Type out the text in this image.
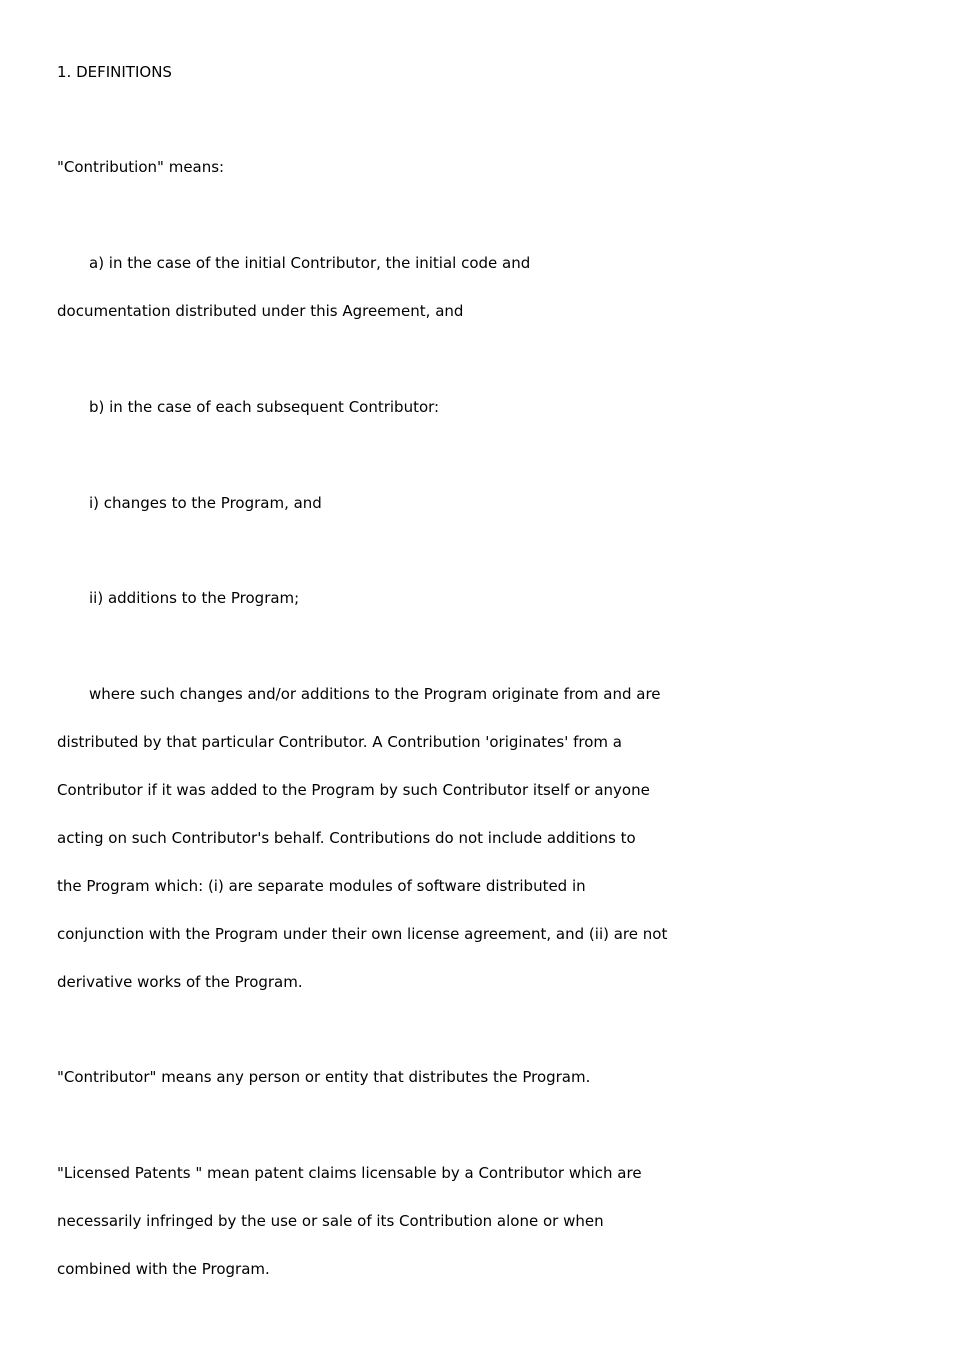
1. DEFINITIONS
"Contribution" means:
a) in the case of the initial Contributor, the initial code and
documentation distributed under this Agreement, and
b) in the case of each subsequent Contributor:
i) changes to the Program, and
ii) additions to the Program;
where such changes and/or additions to the Program originate from and are
distributed by that particular Contributor. A Contribution 'originates' from a
Contributor if it was added to the Program by such Contributor itself or anyone
acting on such Contributor's behalf. Contributions do not include additions to
the Program which: (i) are separate modules of software distributed in
conjunction with the Program under their own license agreement, and (ii) are not
derivative works of the Program.
"Contributor" means any person or entity that distributes the Program.
"Licensed Patents " mean patent claims licensable by a Contributor which are
necessarily infringed by the use or sale of its Contribution alone or when
combined with the Program.
